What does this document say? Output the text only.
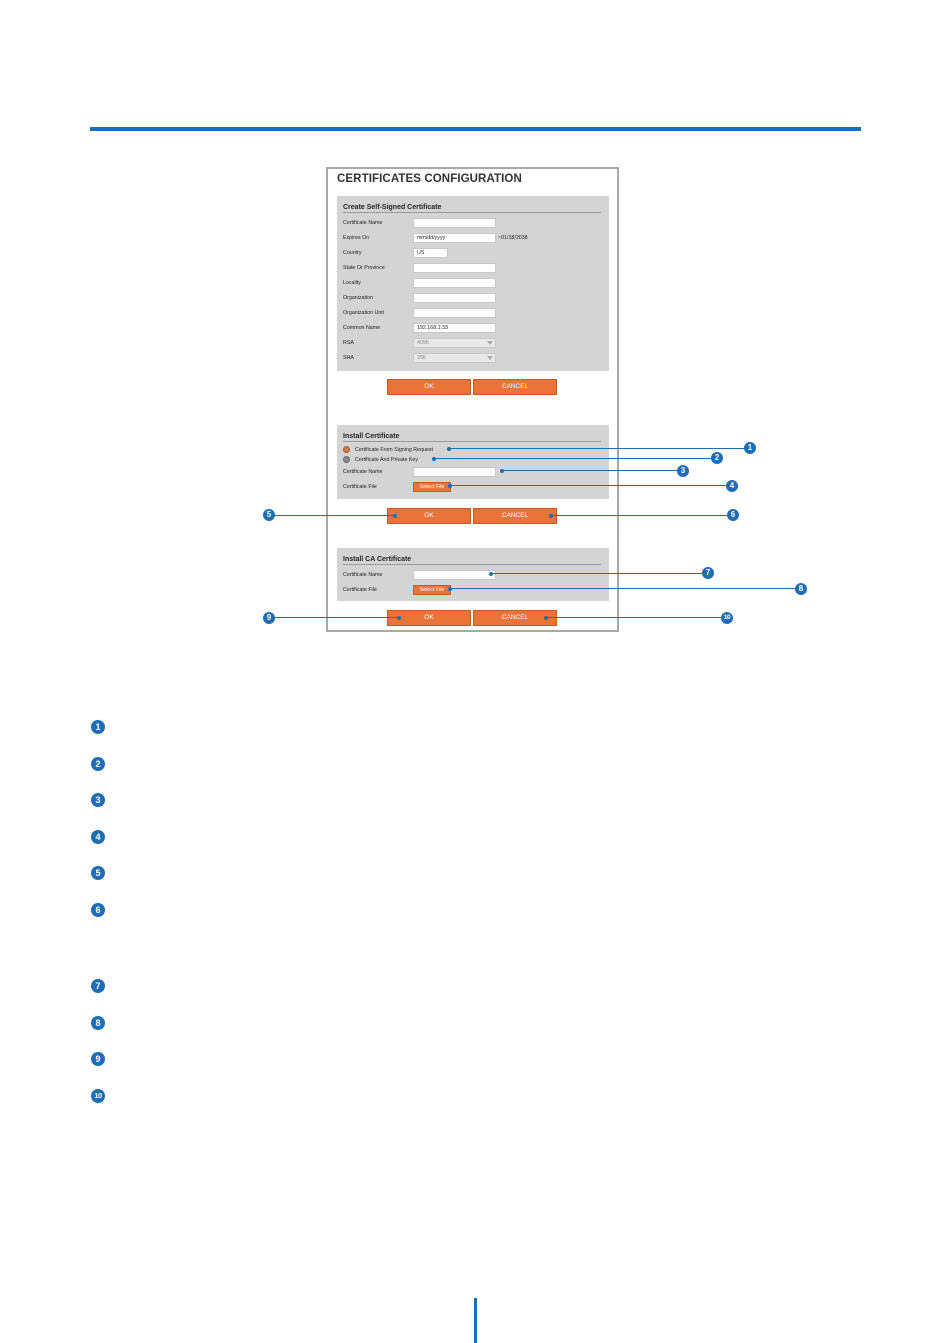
CERTIFICATES CONFIGURATION
Create Self-Signed Certificate
Certificate Name
Expires On	mm/dd/yyyy	~01/18/2038
Country	US
State Or Province
Locality
Organization
Organization Unit
Common Name	192.168.1.33
RSA	4096
SHA	256
OK	CANCEL
Install Certificate
Certificate From Signing Request
Certificate And Private Key
Certificate Name
Certificate File	Select File
OK	CANCEL
Install CA Certificate
Certificate Name
Certificate File	Select File
OK	CANCEL
1
2
3
4
6
7
8
10
5
9
1
2
3
4
5
6
7
8
9
10
